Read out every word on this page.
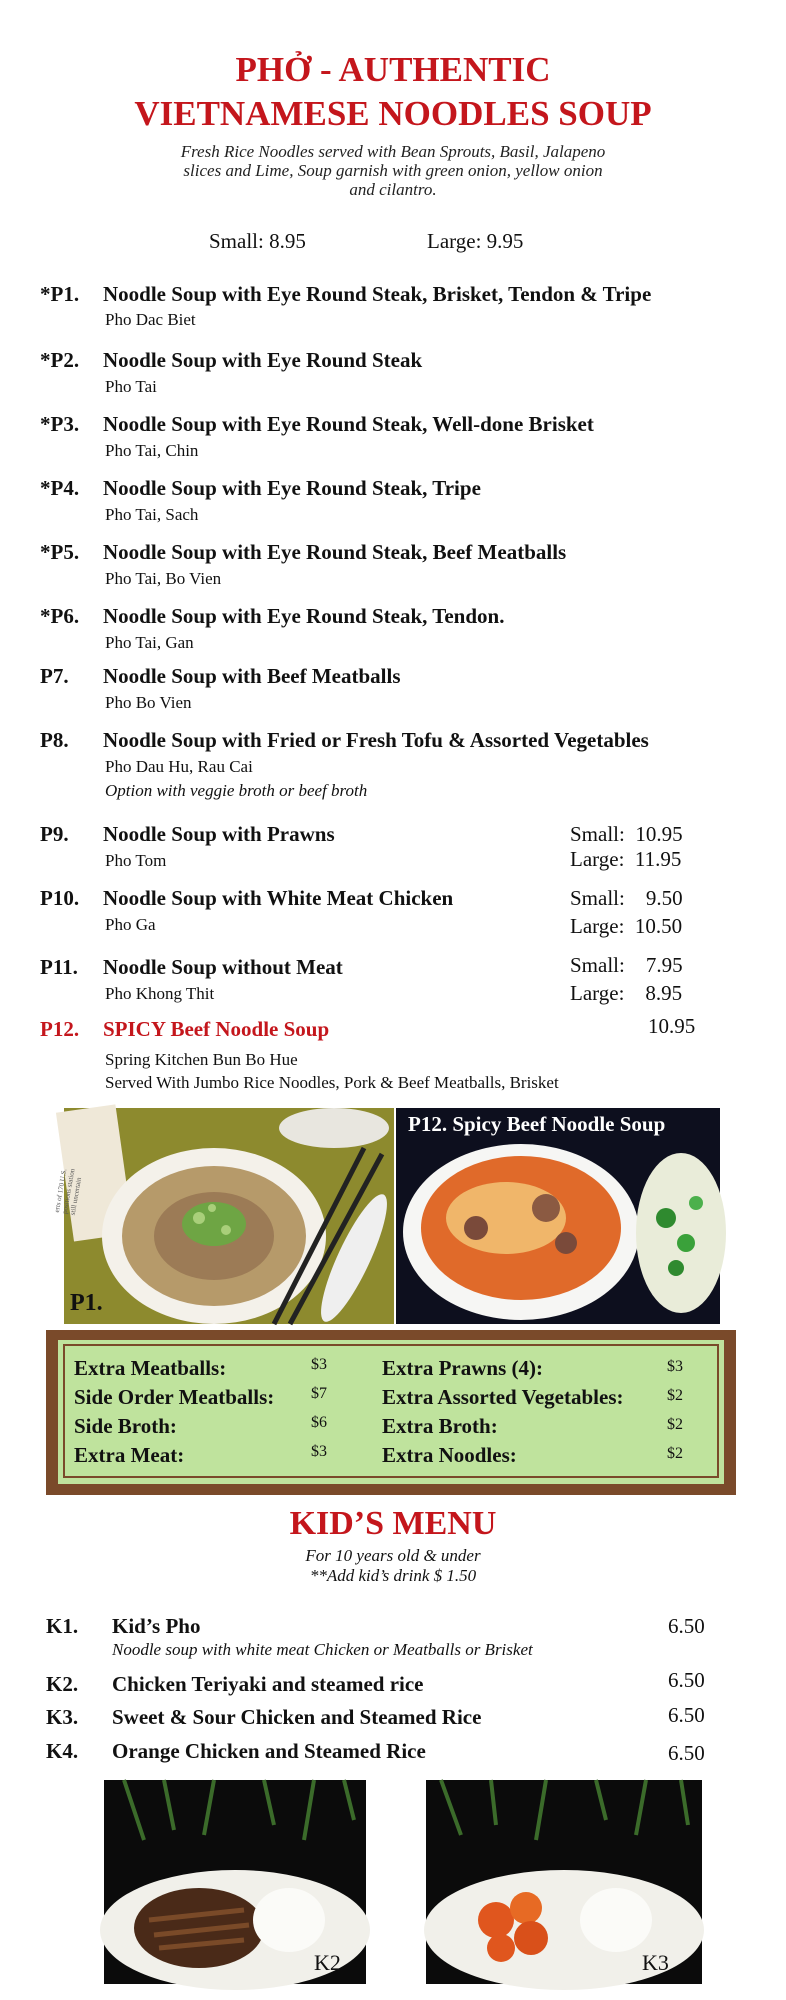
PHỞ - AUTHENTIC
VIETNAMESE NOODLES SOUP
Fresh Rice Noodles served with Bean Sprouts, Basil, Jalapeno slices and Lime, Soup garnish with green onion, yellow onion and cilantro.
Small: 8.95	Large: 9.95
*P1. Noodle Soup with Eye Round Steak, Brisket, Tendon & Tripe
Pho Dac Biet
*P2. Noodle Soup with Eye Round Steak
Pho Tai
*P3. Noodle Soup with Eye Round Steak, Well-done Brisket
Pho Tai, Chin
*P4. Noodle Soup with Eye Round Steak, Tripe
Pho Tai, Sach
*P5. Noodle Soup with Eye Round Steak, Beef Meatballs
Pho Tai, Bo Vien
*P6. Noodle Soup with Eye Round Steak, Tendon.
Pho Tai, Gan
P7. Noodle Soup with Beef Meatballs
Pho Bo Vien
P8. Noodle Soup with Fried or Fresh Tofu & Assorted Vegetables
Pho Dau Hu, Rau Cai
Option with veggie broth or beef broth
P9. Noodle Soup with Prawns
Pho Tom
Small:  10.95
Large:  11.95
P10. Noodle Soup with White Meat Chicken
Pho Ga
Small:    9.50
Large:  10.50
P11. Noodle Soup without Meat
Pho Khong Thit
Small:    7.95
Large:    8.95
P12. SPICY Beef Noodle Soup	10.95
Spring Kitchen Bun Bo Hue
Served With Jumbo Rice Noodles, Pork & Beef Meatballs, Brisket
P1.
erts of 170 U.S. positions station still uncertain
P12. Spicy Beef Noodle Soup
Extra Meatballs:	$3
Side Order Meatballs: $7
Side Broth:	$6
Extra Meat:	$3
Extra Prawns (4):	$3
Extra Assorted Vegetables:	$2
Extra Broth:	$2
Extra Noodles:	$2
KID’S MENU
For 10 years old & under
**Add kid’s drink $ 1.50
K1. Kid’s Pho
Noodle soup with white meat Chicken or Meatballs or Brisket
6.50
K2. Chicken Teriyaki and steamed rice	6.50
K3. Sweet & Sour Chicken and Steamed Rice	6.50
K4. Orange Chicken and Steamed Rice	6.50
K2	K3
